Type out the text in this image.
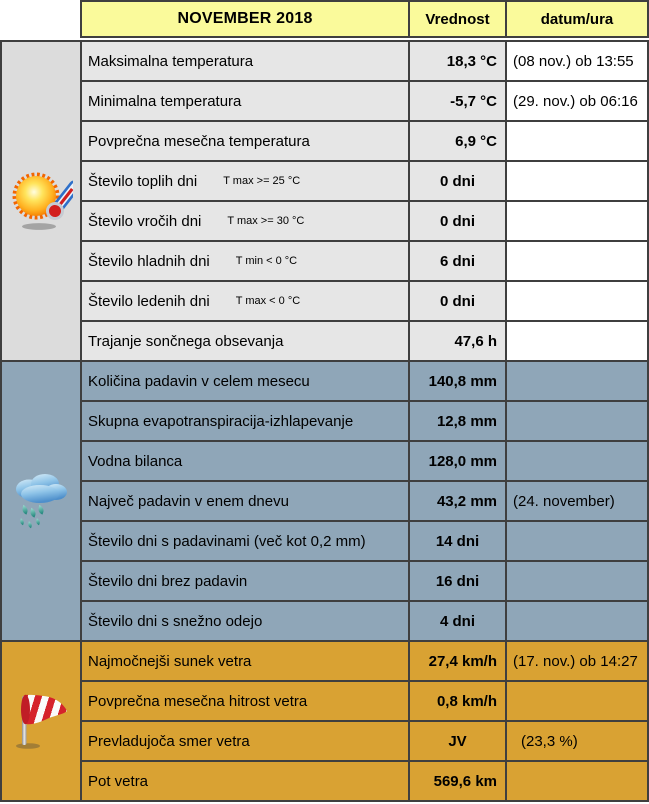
NOVEMBER 2018	Vrednost	datum/ura
Maksimalna temperatura	18,3 °C	(08 nov.) ob 13:55
Minimalna temperatura	-5,7 °C	(29. nov.) ob 06:16
Povprečna mesečna temperatura	6,9 °C
Število toplih dni T max >= 25 °C	0 dni
Število vročih dni T max >= 30 °C	0 dni
Število hladnih dni T min < 0 °C	6 dni
Število ledenih dni T max < 0 °C	0 dni
Trajanje sončnega obsevanja	47,6 h
Količina padavin v celem mesecu	140,8 mm
Skupna evapotranspiracija-izhlapevanje	12,8 mm
Vodna bilanca	128,0 mm
Največ padavin v enem dnevu	43,2 mm	(24. november)
Število dni s padavinami (več kot 0,2 mm)	14 dni
Število dni brez padavin	16 dni
Število dni s snežno odejo	4 dni
Najmočnejši sunek vetra	27,4 km/h	(17. nov.) ob 14:27
Povprečna mesečna hitrost vetra	0,8 km/h
Prevladujoča smer vetra	JV	(23,3 %)
Pot vetra	569,6 km
